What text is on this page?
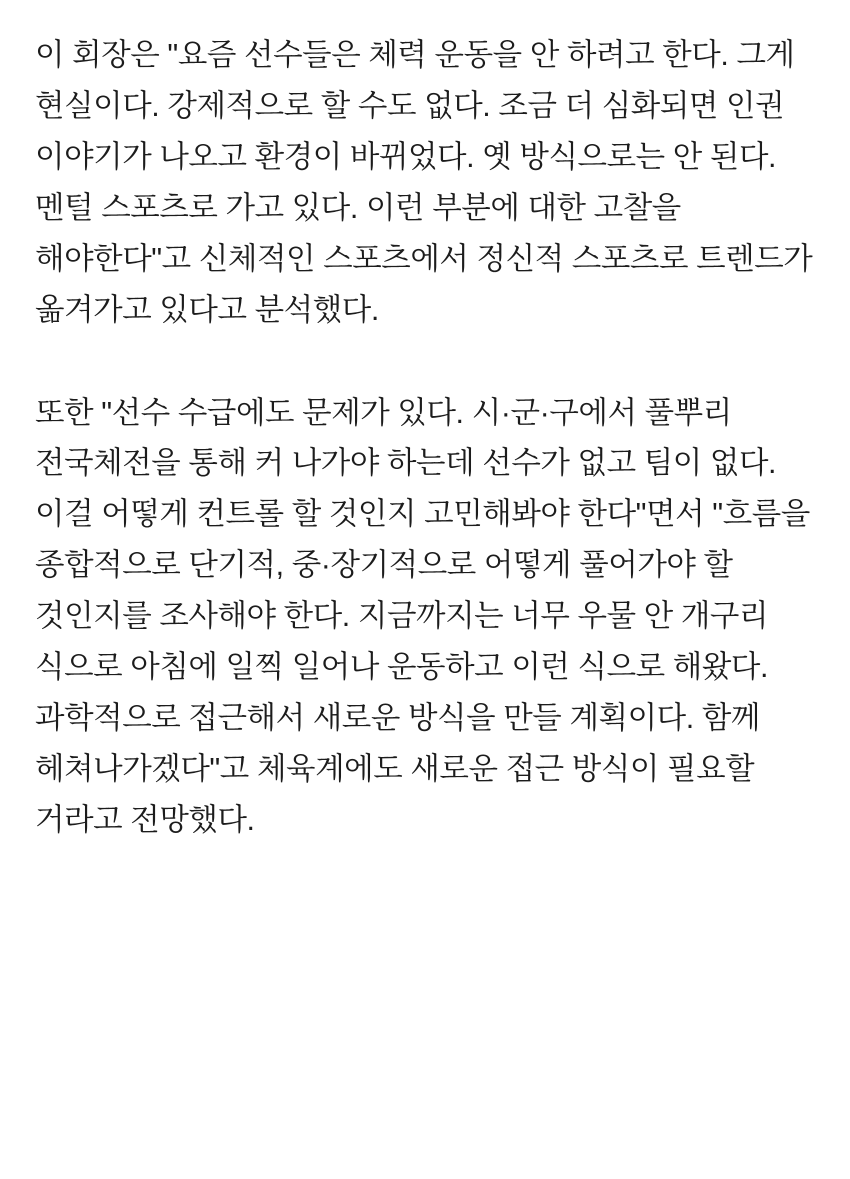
이 회장은 "요즘 선수들은 체력 운동을 안 하려고 한다. 그게 현실이다. 강제적으로 할 수도 없다. 조금 더 심화되면 인권 이야기가 나오고 환경이 바뀌었다. 옛 방식으로는 안 된다. 멘털 스포츠로 가고 있다. 이런 부분에 대한 고찰을 해야한다"고 신체적인 스포츠에서 정신적 스포츠로 트렌드가 옮겨가고 있다고 분석했다.

또한 "선수 수급에도 문제가 있다. 시·군·구에서 풀뿌리 전국체전을 통해 커 나가야 하는데 선수가 없고 팀이 없다. 이걸 어떻게 컨트롤 할 것인지 고민해봐야 한다"면서 "흐름을 종합적으로 단기적, 중·장기적으로 어떻게 풀어가야 할 것인지를 조사해야 한다. 지금까지는 너무 우물 안 개구리 식으로 아침에 일찍 일어나 운동하고 이런 식으로 해왔다. 과학적으로 접근해서 새로운 방식을 만들 계획이다. 함께 헤쳐나가겠다"고 체육계에도 새로운 접근 방식이 필요할 거라고 전망했다.
